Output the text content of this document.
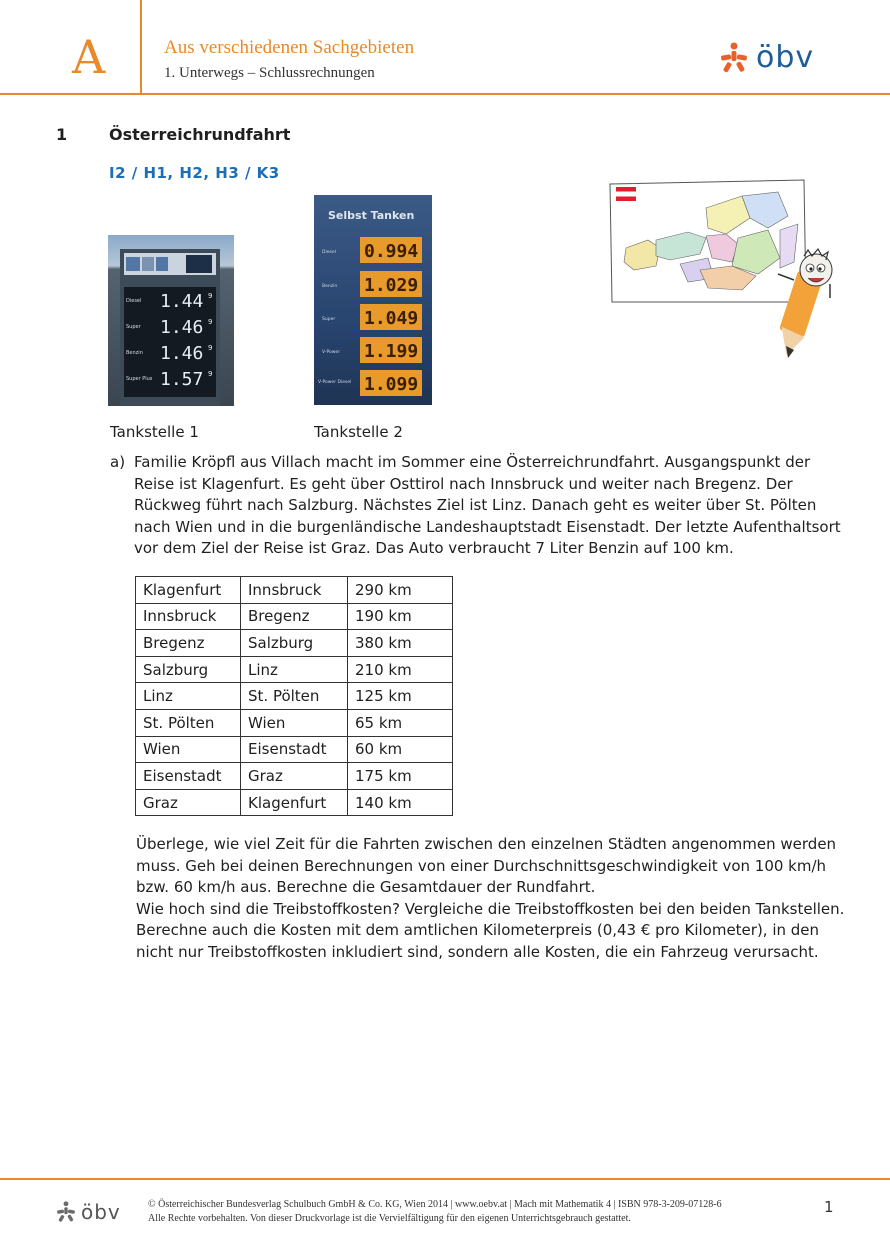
A	Aus verschiedenen Sachgebieten
1. Unterwegs – Schlussrechnungen	öbv
1	Österreichrundfahrt
I2 / H1, H2, H3 / K3
Diesel
Super
Benzin
Super Plus
1.44
1.46
1.46
1.57
9
9
9
9
Tankstelle 1
Selbst Tanken
Diesel
Benzin
Super
V-Power
V-Power Diesel
0.994
1.029
1.049
1.199
1.099
Tankstelle 2
a) Familie Kröpfl aus Villach macht im Sommer eine Österreichrundfahrt. Ausgangspunkt der Reise ist Klagenfurt. Es geht über Osttirol nach Innsbruck und weiter nach Bregenz. Der Rückweg führt nach Salzburg. Nächstes Ziel ist Linz. Danach geht es weiter über St. Pölten nach Wien und in die burgenländische Landeshauptstadt Eisenstadt. Der letzte Aufenthaltsort vor dem Ziel der Reise ist Graz. Das Auto verbraucht 7 Liter Benzin auf 100 km.
Klagenfurt	Innsbruck	290 km
Innsbruck	Bregenz	190 km
Bregenz	Salzburg	380 km
Salzburg	Linz	210 km
Linz	St. Pölten	125 km
St. Pölten	Wien	65 km
Wien	Eisenstadt	60 km
Eisenstadt	Graz	175 km
Graz	Klagenfurt	140 km
Überlege, wie viel Zeit für die Fahrten zwischen den einzelnen Städten angenommen werden
muss. Geh bei deinen Berechnungen von einer Durchschnittsgeschwindigkeit von 100 km/h
bzw. 60 km/h aus. Berechne die Gesamtdauer der Rundfahrt.
Wie hoch sind die Treibstoffkosten? Vergleiche die Treibstoffkosten bei den beiden Tankstellen.
Berechne auch die Kosten mit dem amtlichen Kilometerpreis (0,43 € pro Kilometer), in den
nicht nur Treibstoffkosten inkludiert sind, sondern alle Kosten, die ein Fahrzeug verursacht.
öbv	© Österreichischer Bundesverlag Schulbuch GmbH & Co. KG, Wien 2014 | www.oebv.at | Mach mit Mathematik 4 | ISBN 978-3-209-07128-6
Alle Rechte vorbehalten. Von dieser Druckvorlage ist die Vervielfältigung für den eigenen Unterrichtsgebrauch gestattet.
1
